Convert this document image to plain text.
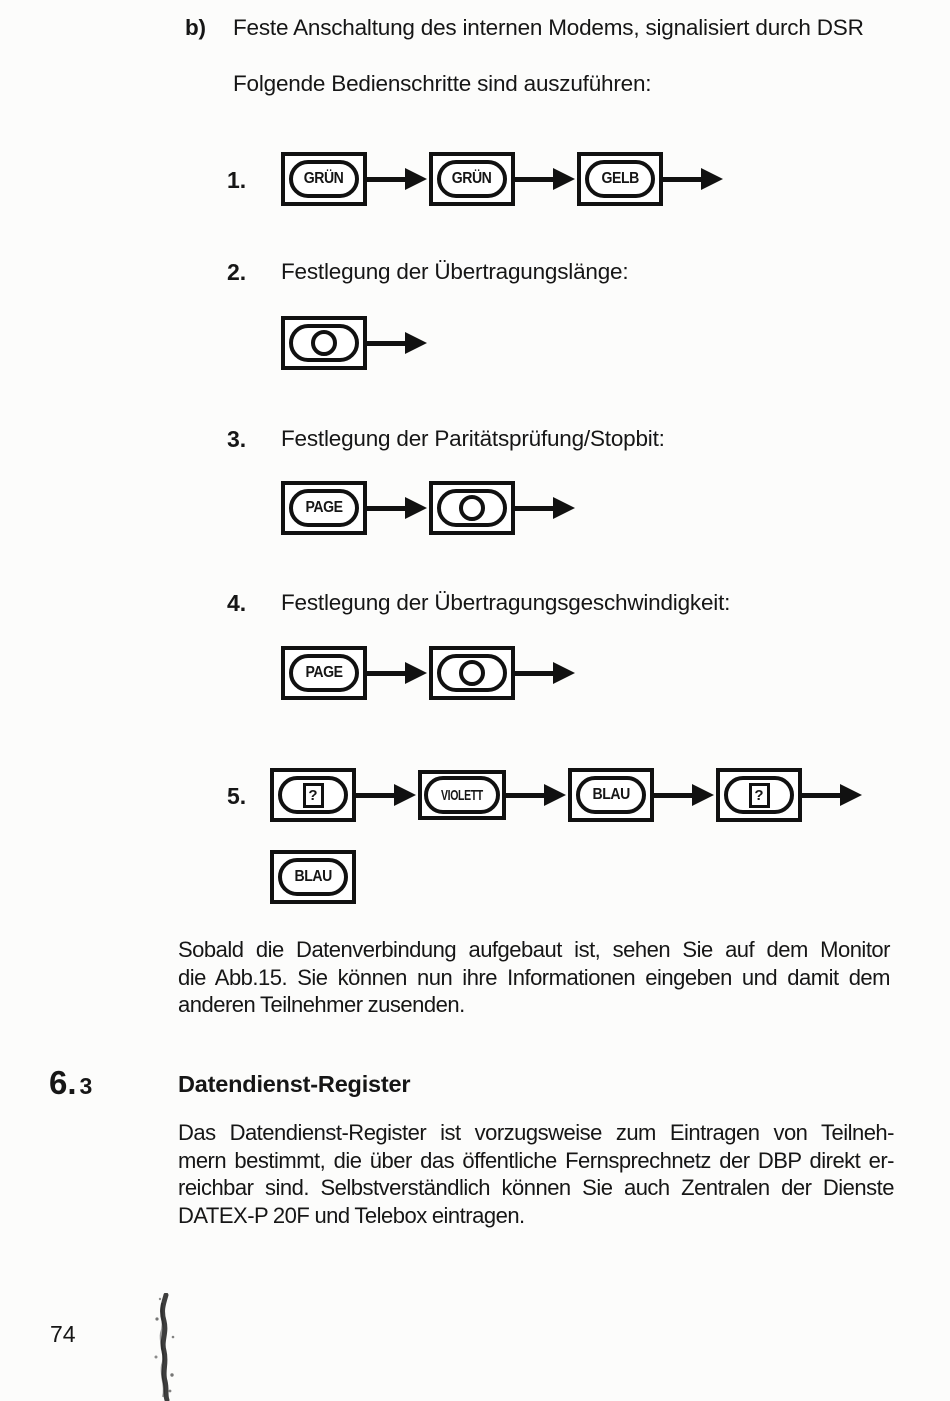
b) Feste Anschaltung des internen Modems, signalisiert durch DSR
Folgende Bedienschritte sind auszuführen:
1.	GRÜN	GRÜN	GELB
2. Festlegung der Übertragungslänge:
3. Festlegung der Paritätsprüfung/Stopbit:
PAGE
4. Festlegung der Übertragungsgeschwindigkeit:
PAGE
5.	?	VIOLETT	BLAU	?
BLAU
Sobald die Datenverbindung aufgebaut ist, sehen Sie auf dem Monitor
die Abb.15. Sie können nun ihre Informationen eingeben und damit dem
anderen Teilnehmer zusenden.
6. 3	Datendienst-Register
Das Datendienst-Register ist vorzugsweise zum Eintragen von Teilneh-
mern bestimmt, die über das öffentliche Fernsprechnetz der DBP direkt er-
reichbar sind. Selbstverständlich können Sie auch Zentralen der Dienste
DATEX-P 20F und Telebox eintragen.
74
